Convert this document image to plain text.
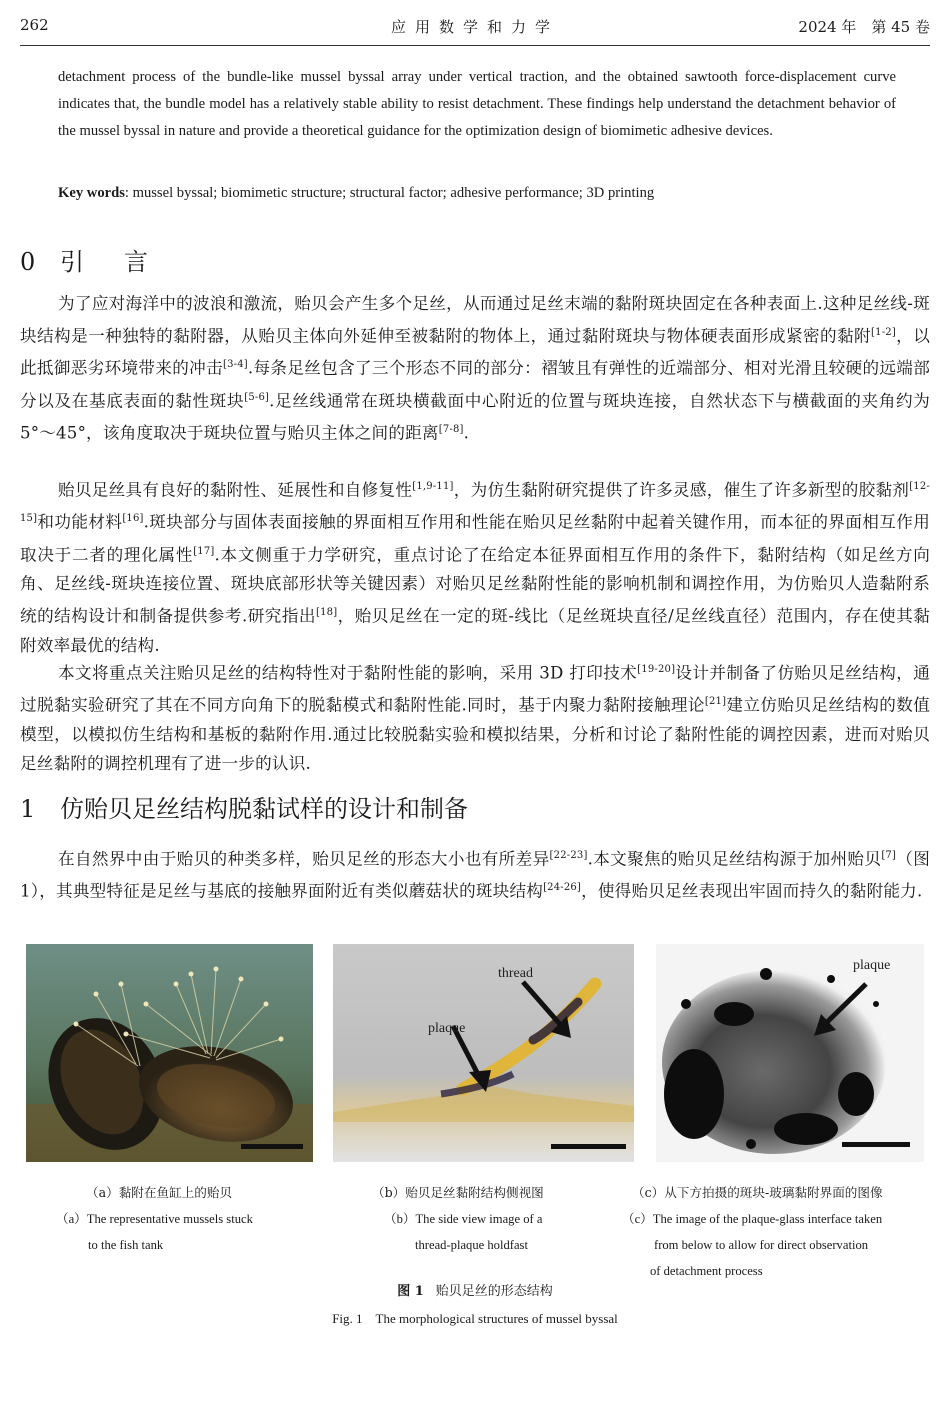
262	应用数学和力学	2024 年　第 45 卷
detachment process of the bundle-like mussel byssal array under vertical traction, and the obtained sawtooth force-displacement curve indicates that, the bundle model has a relatively stable ability to resist detachment. These findings help understand the detachment behavior of the mussel byssal in nature and provide a theoretical guidance for the optimization design of biomimetic adhesive devices.
Key words: mussel byssal; biomimetic structure; structural factor; adhesive performance; 3D printing
0 引言
为了应对海洋中的波浪和激流，贻贝会产生多个足丝，从而通过足丝末端的黏附斑块固定在各种表面上.这种足丝线-斑块结构是一种独特的黏附器，从贻贝主体向外延伸至被黏附的物体上，通过黏附斑块与物体硬表面形成紧密的黏附[1-2]，以此抵御恶劣环境带来的冲击[3-4].每条足丝包含了三个形态不同的部分：褶皱且有弹性的近端部分、相对光滑且较硬的远端部分以及在基底表面的黏性斑块[5-6].足丝线通常在斑块横截面中心附近的位置与斑块连接，自然状态下与横截面的夹角约为 5°～45°，该角度取决于斑块位置与贻贝主体之间的距离[7-8].
贻贝足丝具有良好的黏附性、延展性和自修复性[1,9-11]，为仿生黏附研究提供了许多灵感，催生了许多新型的胶黏剂[12-15]和功能材料[16].斑块部分与固体表面接触的界面相互作用和性能在贻贝足丝黏附中起着关键作用，而本征的界面相互作用取决于二者的理化属性[17].本文侧重于力学研究，重点讨论了在给定本征界面相互作用的条件下，黏附结构（如足丝方向角、足丝线-斑块连接位置、斑块底部形状等关键因素）对贻贝足丝黏附性能的影响机制和调控作用，为仿贻贝人造黏附系统的结构设计和制备提供参考.研究指出[18]，贻贝足丝在一定的斑-线比（足丝斑块直径/足丝线直径）范围内，存在使其黏附效率最优的结构.
本文将重点关注贻贝足丝的结构特性对于黏附性能的影响，采用 3D 打印技术[19-20]设计并制备了仿贻贝足丝结构，通过脱黏实验研究了其在不同方向角下的脱黏模式和黏附性能.同时，基于内聚力黏附接触理论[21]建立仿贻贝足丝结构的数值模型，以模拟仿生结构和基板的黏附作用.通过比较脱黏实验和模拟结果，分析和讨论了黏附性能的调控因素，进而对贻贝足丝黏附的调控机理有了进一步的认识.
1 仿贻贝足丝结构脱黏试样的设计和制备
在自然界中由于贻贝的种类多样，贻贝足丝的形态大小也有所差异[22-23].本文聚焦的贻贝足丝结构源于加州贻贝[7]（图 1），其典型特征是足丝与基底的接触界面附近有类似蘑菇状的斑块结构[24-26]，使得贻贝足丝表现出牢固而持久的黏附能力.
thread
plaque
plaque
（a）黏附在鱼缸上的贻贝
（a）The representative mussels stuck
to the fish tank
（b）贻贝足丝黏附结构侧视图
（b）The side view image of a
thread-plaque holdfast
（c）从下方拍摄的斑块-玻璃黏附界面的图像
（c）The image of the plaque-glass interface taken
from below to allow for direct observation
of detachment process
图 1 贻贝足丝的形态结构
Fig. 1　The morphological structures of mussel byssal
